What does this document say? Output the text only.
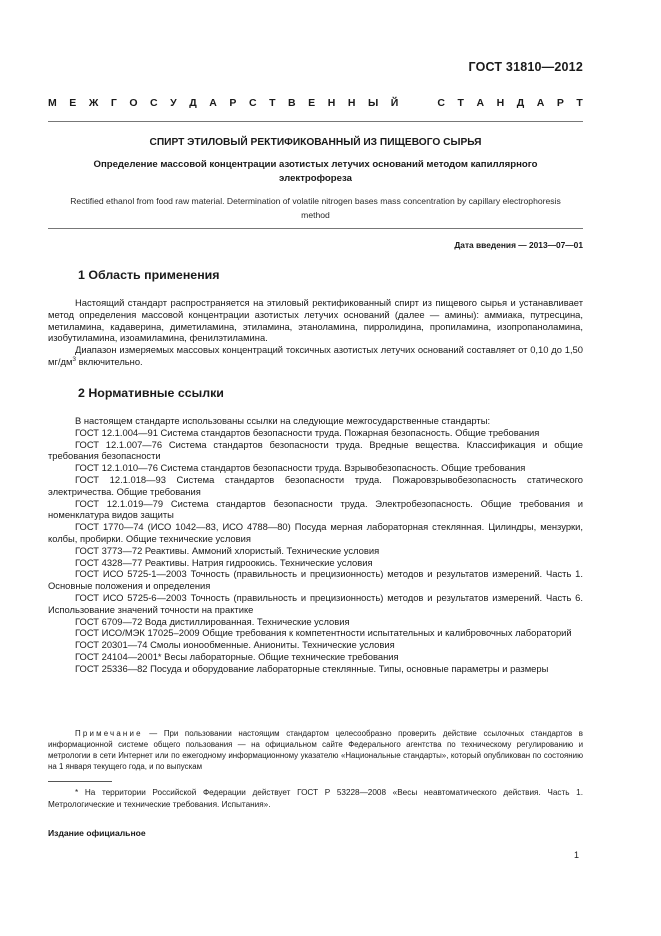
ГОСТ 31810—2012
М Е Ж Г О С У Д А Р С Т В Е Н Н Ы Й	С Т А Н Д А Р Т
СПИРТ ЭТИЛОВЫЙ РЕКТИФИКОВАННЫЙ ИЗ ПИЩЕВОГО СЫРЬЯ
Определение массовой концентрации азотистых летучих оснований методом капиллярного электрофореза
Rectified ethanol from food raw material. Determination of volatile nitrogen bases mass concentration by capillary electrophoresis method
Дата введения — 2013—07—01
1 Область применения

Настоящий стандарт распространяется на этиловый ректификованный спирт из пищевого сырья и устанавливает метод определения массовой концентрации азотистых летучих оснований (далее — амины): аммиака, путресцина, метиламина, кадаверина, диметиламина, этиламина, этаноламина, пирролидина, пропиламина, изопропаноламина, изобутиламина, изоамиламина, фенилэтиламина.

Диапазон измеряемых массовых концентраций токсичных азотистых летучих оснований составляет от 0,10 до 1,50 $мг/дм^3$ включительно.

2 Нормативные ссылки

В настоящем стандарте использованы ссылки на следующие межгосударственные стандарты:

ГОСТ 12.1.004—91 Система стандартов безопасности труда. Пожарная безопасность. Общие требования

ГОСТ 12.1.007—76 Система стандартов безопасности труда. Вредные вещества. Классификация и общие требования безопасности

ГОСТ 12.1.010—76 Система стандартов безопасности труда. Взрывобезопасность. Общие требования

ГОСТ 12.1.018—93 Система стандартов безопасности труда. Пожаровзрывобезопасность статического электричества. Общие требования

ГОСТ 12.1.019—79 Система стандартов безопасности труда. Электробезопасность. Общие требования и номенклатура видов защиты

ГОСТ 1770—74 (ИСО 1042—83, ИСО 4788—80) Посуда мерная лабораторная стеклянная. Цилиндры, мензурки, колбы, пробирки. Общие технические условия

ГОСТ 3773—72 Реактивы. Аммоний хлористый. Технические условия

ГОСТ 4328—77 Реактивы. Натрия гидроокись. Технические условия

ГОСТ ИСО 5725-1—2003 Точность (правильность и прецизионность) методов и результатов измерений. Часть 1. Основные положения и определения

ГОСТ ИСО 5725-6—2003 Точность (правильность и прецизионность) методов и результатов измерений. Часть 6. Использование значений точности на практике

ГОСТ 6709—72 Вода дистиллированная. Технические условия

ГОСТ ИСО/МЭК 17025–2009 Общие требования к компетентности испытательных и калибровочных лабораторий

ГОСТ 20301—74 Смолы ионообменные. Аниониты. Технические условия

ГОСТ 24104—2001* Весы лабораторные. Общие технические требования

ГОСТ 25336—82 Посуда и оборудование лабораторные стеклянные. Типы, основные параметры и размеры

Примечание — При пользовании настоящим стандартом целесообразно проверить действие ссылочных стандартов в информационной системе общего пользования — на официальном сайте Федерального агентства по техническому регулированию и метрологии в сети Интернет или по ежегодному информационному указателю «Национальные стандарты», который опубликован по состоянию на 1 января текущего года, и по выпускам

* На территории Российской Федерации действует ГОСТ Р 53228—2008 «Весы неавтоматического действия. Часть 1. Метрологические и технические требования. Испытания».

Издание официальное
1
